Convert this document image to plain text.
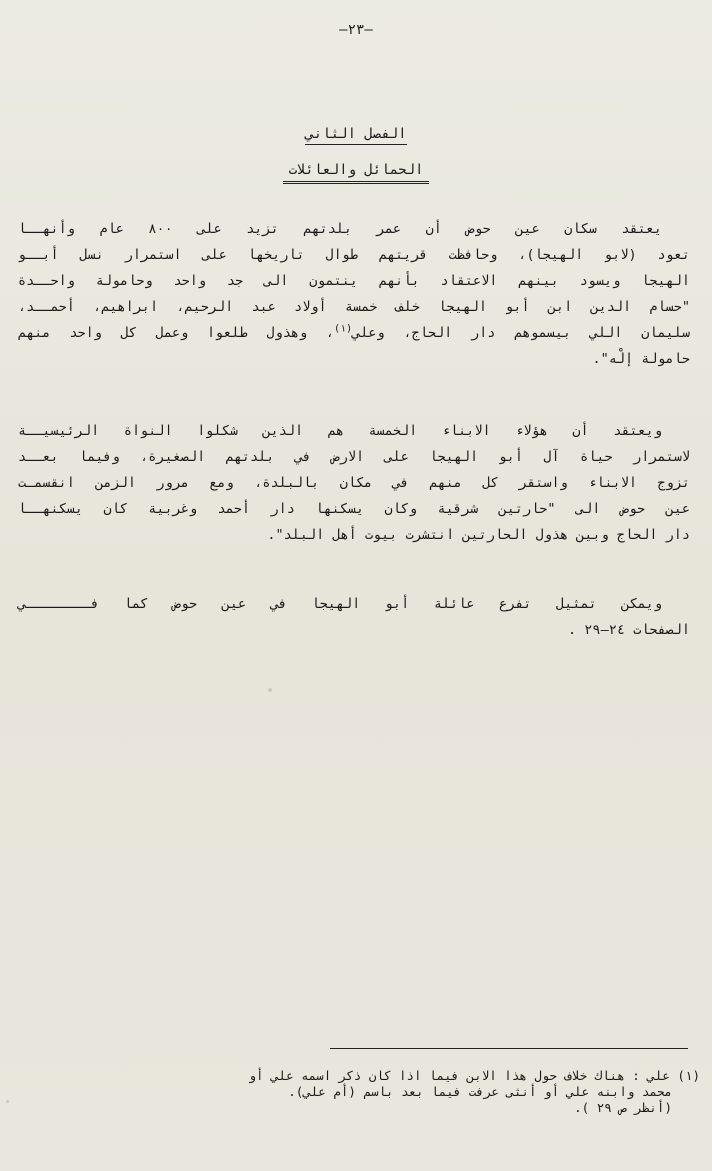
–٢٣–
الفصل الثاني
الحمائل والعائلات
يعتقد سكان عين حوض أن عمر بلدتهم تزيد على ٨٠٠ عام وأنهــا
تعود (لابو الهيجا)، وحافظت قريتهم طوال تاريخها على استمرار نسل أبــو
الهيجا ويسود بينهم الاعتقاد بأنهم ينتمون الى جد واحد وحامولة واحــدة
"حسام الدين ابن أبو الهيجا خلف خمسة أولاد عبد الرحيم، ابراهيم، أحمــد،
سليمان اللي بيسموهم دار الحاج، وعلي$^{(١)}$، وهذول طلعوا وعمل كل واحد منهم
حامولة إلْه".
ويعتقد أن هؤلاء الابناء الخمسة هم الذين شكلوا النواة الرئيسيــة
لاستمرار حياة آل أبو الهيجا على الارض في بلدتهم الصغيرة، وفيما بعــد
تزوج الابناء واستقر كل منهم في مكان بالبلدة، ومع مرور الزمن انقسمـت
عين حوض الى "حارتين شرقية وكان يسكنها دار أحمد وغربية كان يسكنهــا
دار الحاج وبين هذول الحارتين انتشرت بيوت أهل البلد".
ويمكن تمثيل تفرع عائلة أبو الهيجا في عين حوض كما فــــــــي
الصفحات ٢٤–٢٩ .
(١) علي : هناك خلاف حول هذا الابن فيما اذا كان ذكر اسمه علي أو
محمد وابنه علي أو أنثى عرفت فيما بعد باسم (أم علي).
(أنظر ص ٢٩ ).
